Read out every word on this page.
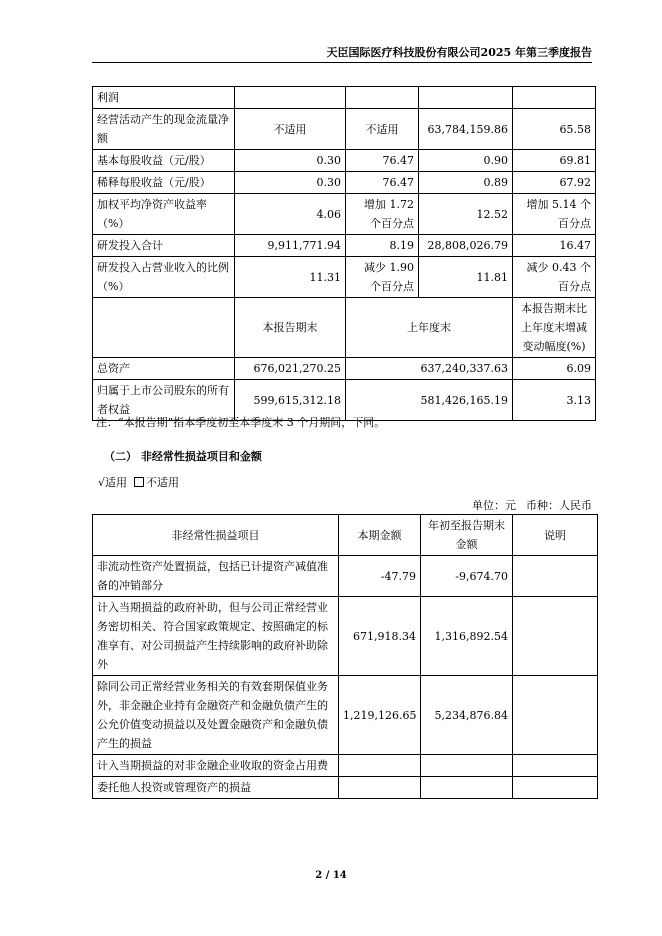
天臣国际医疗科技股份有限公司2025 年第三季度报告
利润				
经营活动产生的现金流量净额	不适用	不适用	63,784,159.86	65.58
基本每股收益（元/股）	0.30	76.47	0.90	69.81
稀释每股收益（元/股）	0.30	76.47	0.89	67.92
加权平均净资产收益率（%）	4.06	增加 1.72 个百分点	12.52	增加 5.14 个百分点
研发投入合计	9,911,771.94	8.19	28,808,026.79	16.47
研发投入占营业收入的比例（%）	11.31	减少 1.90 个百分点	11.81	减少 0.43 个百分点
	本报告期末	上年度末		本报告期末比上年度末增减变动幅度(%)
总资产	676,021,270.25	637,240,337.63		6.09
归属于上市公司股东的所有者权益	599,615,312.18	581,426,165.19		3.13
注：“本报告期”指本季度初至本季度末 3 个月期间，下同。
（二） 非经常性损益项目和金额
√适用 不适用
单位：元 币种：人民币
非经常性损益项目	本期金额	年初至报告期末金额	说明
非流动性资产处置损益，包括已计提资产减值准备的冲销部分	-47.79	-9,674.70	
计入当期损益的政府补助，但与公司正常经营业务密切相关、符合国家政策规定、按照确定的标准享有、对公司损益产生持续影响的政府补助除外	671,918.34	1,316,892.54	
除同公司正常经营业务相关的有效套期保值业务外，非金融企业持有金融资产和金融负债产生的公允价值变动损益以及处置金融资产和金融负债产生的损益	1,219,126.65	5,234,876.84	
计入当期损益的对非金融企业收取的资金占用费			
委托他人投资或管理资产的损益			
2 / 14
